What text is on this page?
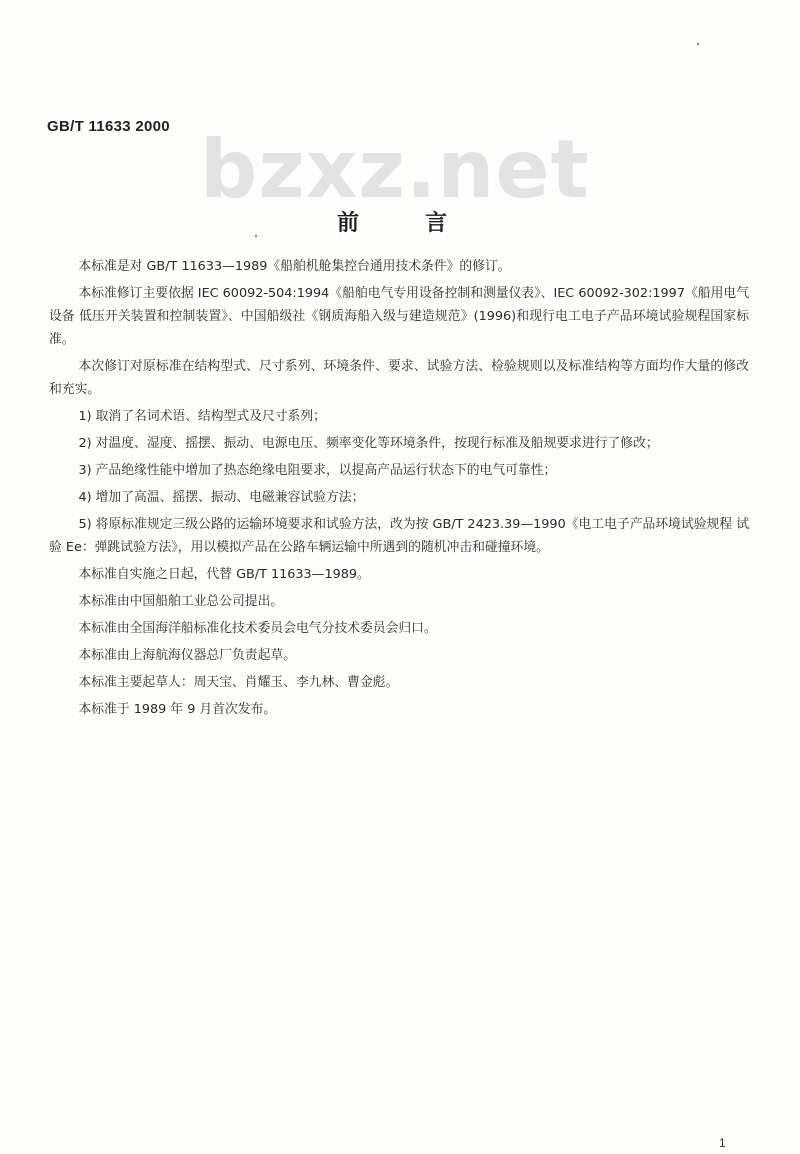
bzxz.net
GB/T 11633 2000
前言

本标准是对 GB/T 11633—1989《船舶机舱集控台通用技术条件》的修订。

本标准修订主要依据 IEC 60092-504:1994《船舶电气专用设备控制和测量仪表》、IEC 60092-302:1997《船用电气设备 低压开关装置和控制装置》、中国船级社《钢质海船入级与建造规范》(1996)和现行电工电子产品环境试验规程国家标准。

本次修订对原标准在结构型式、尺寸系列、环境条件、要求、试验方法、检验规则以及标准结构等方面均作大量的修改和充实。

1) 取消了名词术语、结构型式及尺寸系列；

2) 对温度、湿度、摇摆、振动、电源电压、频率变化等环境条件，按现行标准及船规要求进行了修改；

3) 产品绝缘性能中增加了热态绝缘电阻要求，以提高产品运行状态下的电气可靠性；

4) 增加了高温、摇摆、振动、电磁兼容试验方法；

5) 将原标准规定三级公路的运输环境要求和试验方法，改为按 GB/T 2423.39—1990《电工电子产品环境试验规程 试验 Ee：弹跳试验方法》，用以模拟产品在公路车辆运输中所遇到的随机冲击和碰撞环境。

本标准自实施之日起，代替 GB/T 11633—1989。

本标准由中国船舶工业总公司提出。

本标准由全国海洋船标准化技术委员会电气分技术委员会归口。

本标准由上海航海仪器总厂负责起草。

本标准主要起草人：周天宝、肖耀玉、李九林、曹金彪。

本标准于 1989 年 9 月首次发布。

1
